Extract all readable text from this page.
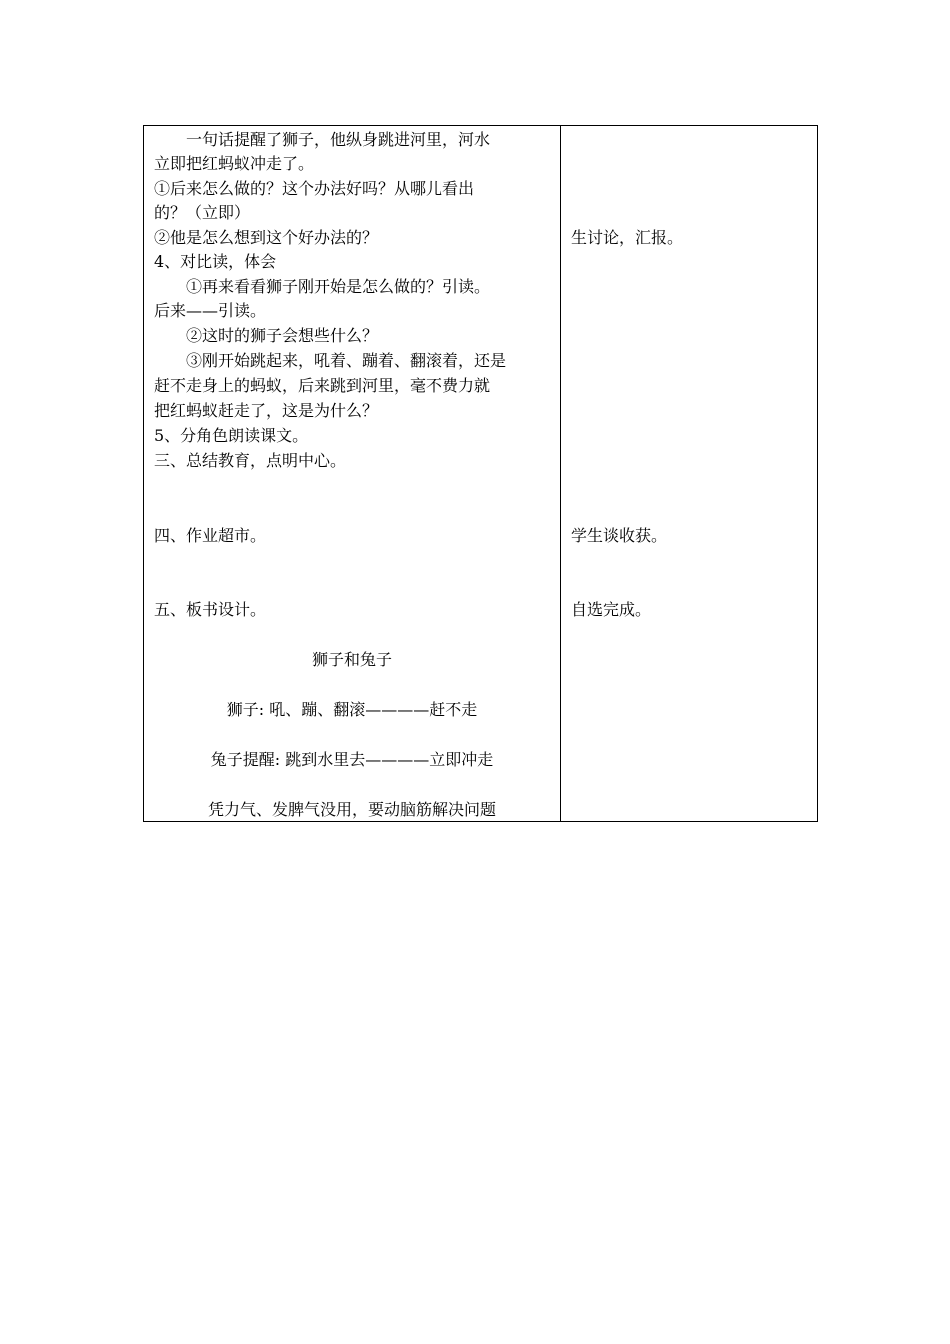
　　一句话提醒了狮子，他纵身跳进河里，河水
立即把红蚂蚁冲走了。
①后来怎么做的？这个办法好吗？从哪儿看出
的？（立即）
②他是怎么想到这个好办法的？
4、对比读，体会
　　①再来看看狮子刚开始是怎么做的？引读。
后来——引读。
　　②这时的狮子会想些什么？
　　③刚开始跳起来，吼着、蹦着、翻滚着，还是
赶不走身上的蚂蚁，后来跳到河里，毫不费力就
把红蚂蚁赶走了，这是为什么？
5、分角色朗读课文。
三、总结教育，点明中心。
四、作业超市。
五、板书设计。
狮子和兔子
狮子: 吼、蹦、翻滚————赶不走
兔子提醒: 跳到水里去————立即冲走
凭力气、发脾气没用，要动脑筋解决问题
生讨论，汇报。
学生谈收获。
自选完成。
